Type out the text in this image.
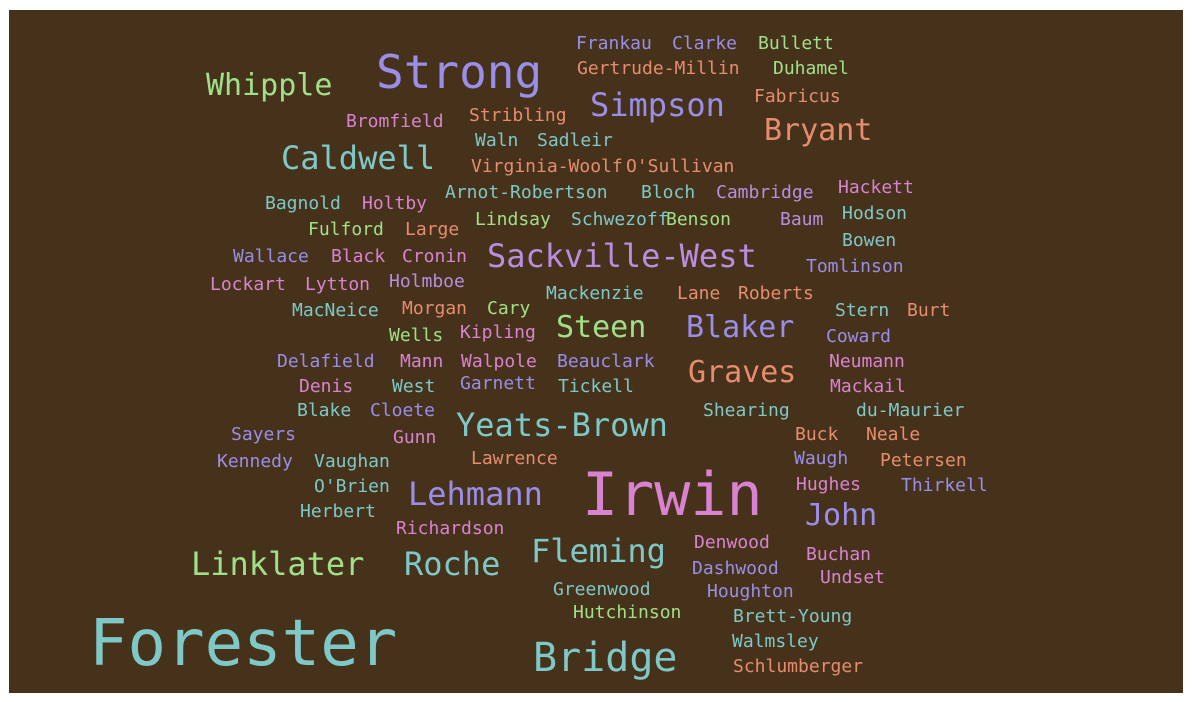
Frankau Clarke Bullett
Strong Gertrude-Millin Duhamel
Whipple	Fabricus
Simpson
Bromfield Stribling	Bryant
Waln Sadleir
Caldwell Virginia-Woolf O'Sullivan
Bagnold Holtby
Arnot-Robertson Bloch Cambridge Hackett
Fulford Large Lindsay Schwezoff
Benson	Baum Hodson
Wallace Black Cronin Sackville-West	Bowen
Tomlinson
Lockart Lytton Holmboe
Mackenzie Lane Roberts
MacNeice Morgan Cary	Stern Burt
Steen Blaker
Wells Kipling	Coward
Delafield Mann Walpole Beauclark Graves Neumann
Denis West Garnett Tickell	Mackail
Blake Cloete	Shearing	du-Maurier
Yeats-Brown
Sayers	Gunn	Buck Neale
Kennedy Vaughan	Lawrence	Waugh Petersen
Irwin
O'Brien Lehmann	Hughes Thirkell
Herbert	John
Richardson
Linklater Roche Fleming Denwood
Buchan
Dashwood Undset
Greenwood	Houghton
Hutchinson	Brett-Young
Forester	Bridge	Walmsley
Schlumberger
